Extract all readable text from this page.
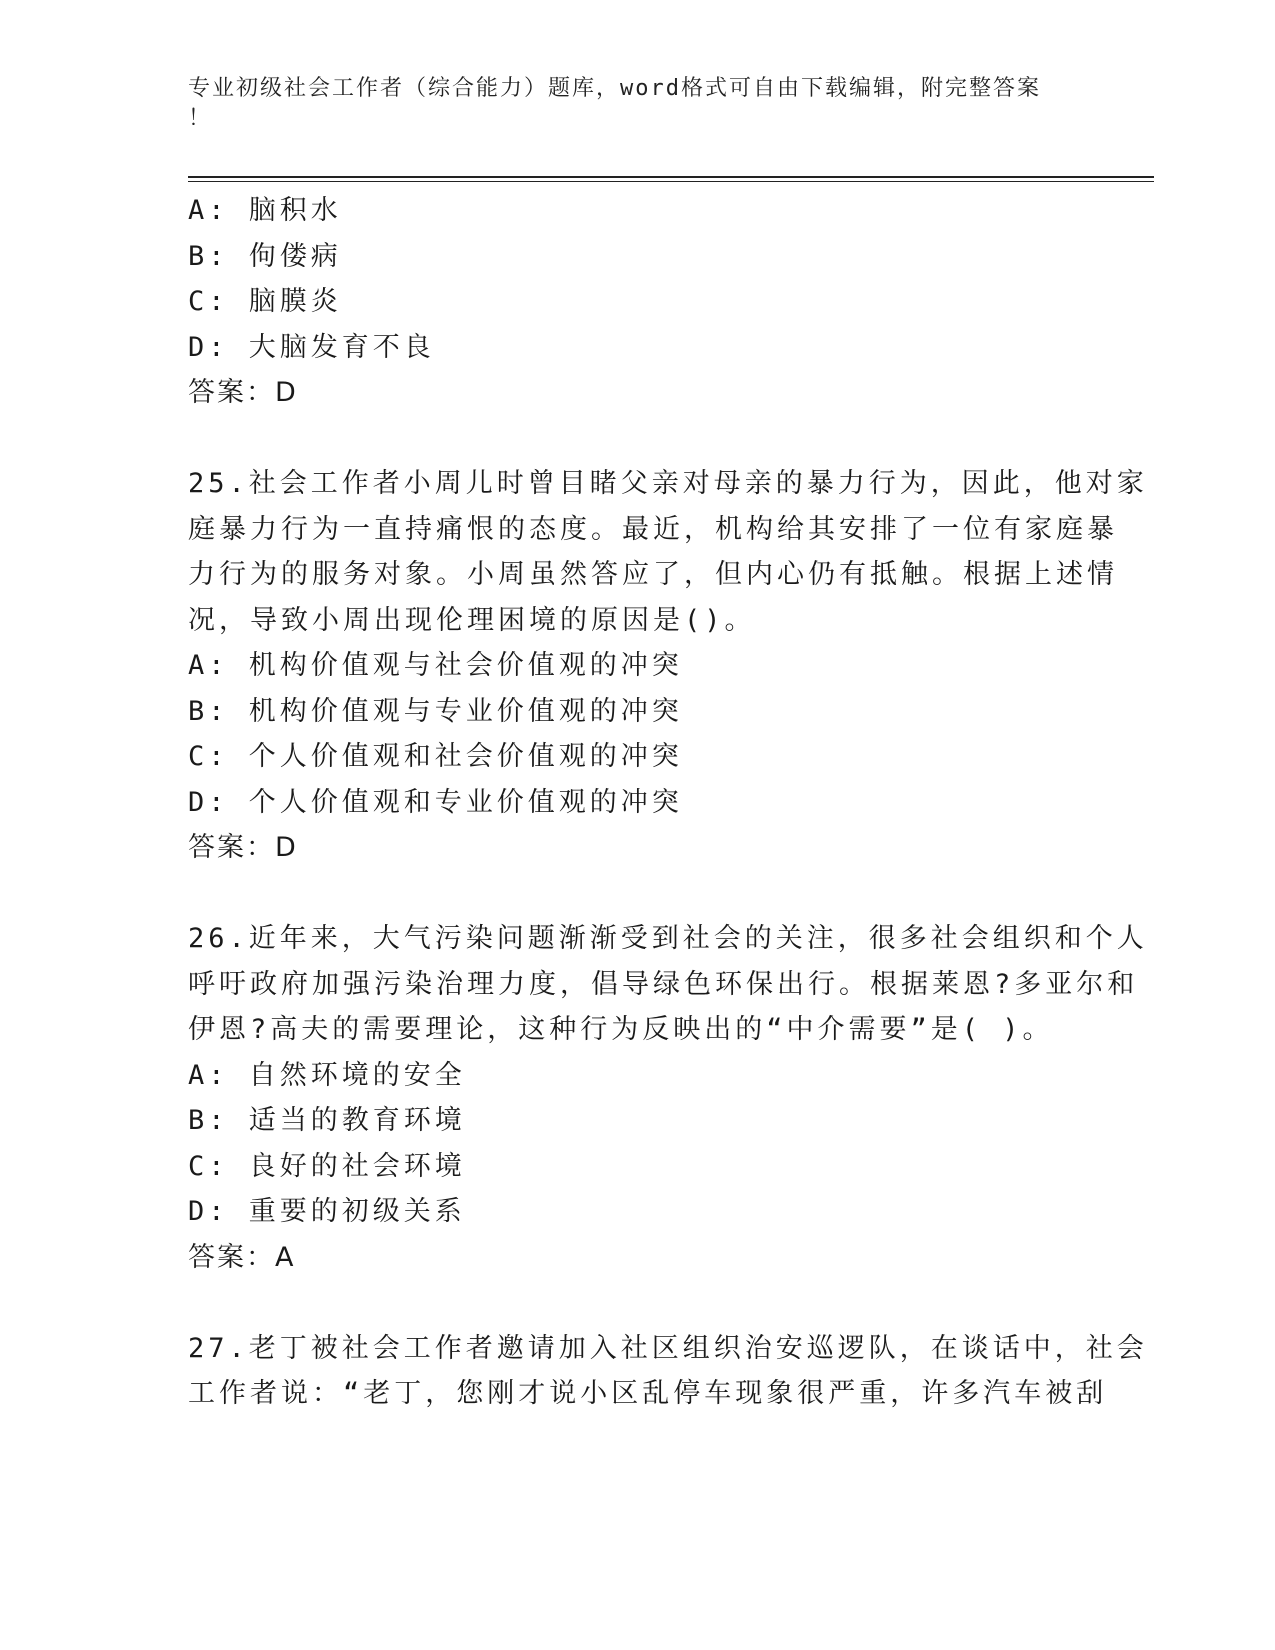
专业初级社会工作者（综合能力）题库，word格式可自由下载编辑，附完整答案
！
A: 脑积水
B: 佝偻病
C: 脑膜炎
D: 大脑发育不良
答案：D
25.社会工作者小周儿时曾目睹父亲对母亲的暴力行为，因此，他对家
庭暴力行为一直持痛恨的态度。最近，机构给其安排了一位有家庭暴
力行为的服务对象。小周虽然答应了，但内心仍有抵触。根据上述情
况，导致小周出现伦理困境的原因是()。
A: 机构价值观与社会价值观的冲突
B: 机构价值观与专业价值观的冲突
C: 个人价值观和社会价值观的冲突
D: 个人价值观和专业价值观的冲突
答案：D
26.近年来，大气污染问题渐渐受到社会的关注，很多社会组织和个人
呼吁政府加强污染治理力度，倡导绿色环保出行。根据莱恩?多亚尔和
伊恩?高夫的需要理论，这种行为反映出的“中介需要”是( )。
A: 自然环境的安全
B: 适当的教育环境
C: 良好的社会环境
D: 重要的初级关系
答案：A
27.老丁被社会工作者邀请加入社区组织治安巡逻队，在谈话中，社会
工作者说：“老丁，您刚才说小区乱停车现象很严重，许多汽车被刮
